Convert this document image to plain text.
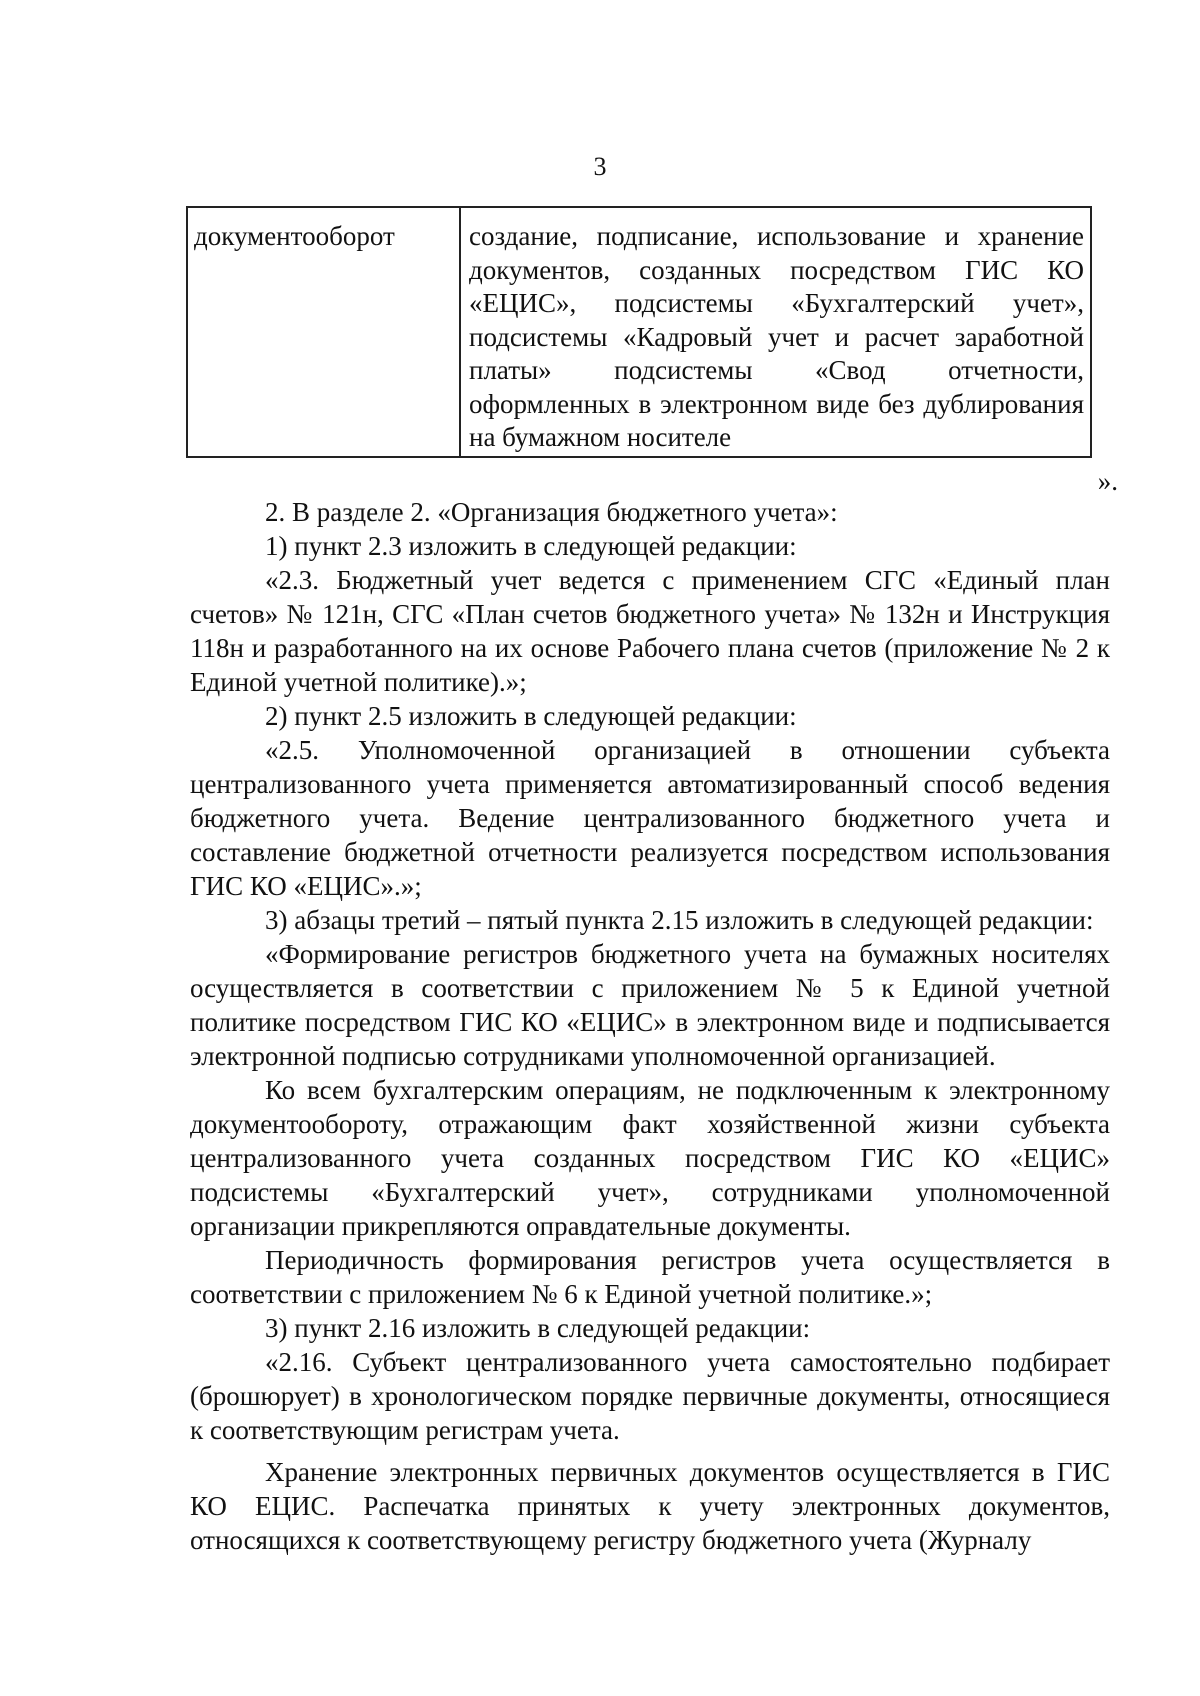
3
документооборот	создание, подписание, использование и хранение документов, созданных посредством ГИС КО «ЕЦИС», подсистемы «Бухгалтерский учет», подсистемы «Кадровый учет и расчет заработной платы» подсистемы «Свод отчетности, оформленных в электронном виде без дублирования на бумажном носителе
».

2. В разделе 2. «Организация бюджетного учета»:

1) пункт 2.3 изложить в следующей редакции:

«2.3. Бюджетный учет ведется с применением СГС «Единый план счетов» № 121н, СГС «План счетов бюджетного учета» № 132н и Инструкция 118н и разработанного на их основе Рабочего плана счетов (приложение № 2 к Единой учетной политике).»;

2) пункт 2.5 изложить в следующей редакции:

«2.5. Уполномоченной организацией в отношении субъекта централизованного учета применяется автоматизированный способ ведения бюджетного учета. Ведение централизованного бюджетного учета и составление бюджетной отчетности реализуется посредством использования ГИС КО «ЕЦИС».»;

3) абзацы третий – пятый пункта 2.15 изложить в следующей редакции:

«Формирование регистров бюджетного учета на бумажных носителях осуществляется в соответствии с приложением № 5 к Единой учетной политике посредством ГИС КО «ЕЦИС» в электронном виде и подписывается электронной подписью сотрудниками уполномоченной организацией.

Ко всем бухгалтерским операциям, не подключенным к электронному документообороту, отражающим факт хозяйственной жизни субъекта централизованного учета созданных посредством ГИС КО «ЕЦИС» подсистемы «Бухгалтерский учет», сотрудниками уполномоченной организации прикрепляются оправдательные документы.

Периодичность формирования регистров учета осуществляется в соответствии с приложением № 6 к Единой учетной политике.»;

3) пункт 2.16 изложить в следующей редакции:

«2.16. Субъект централизованного учета самостоятельно подбирает (брошюрует) в хронологическом порядке первичные документы, относящиеся к соответствующим регистрам учета.

Хранение электронных первичных документов осуществляется в ГИС КО ЕЦИС. Распечатка принятых к учету электронных документов, относящихся к соответствующему регистру бюджетного учета (Журналу
